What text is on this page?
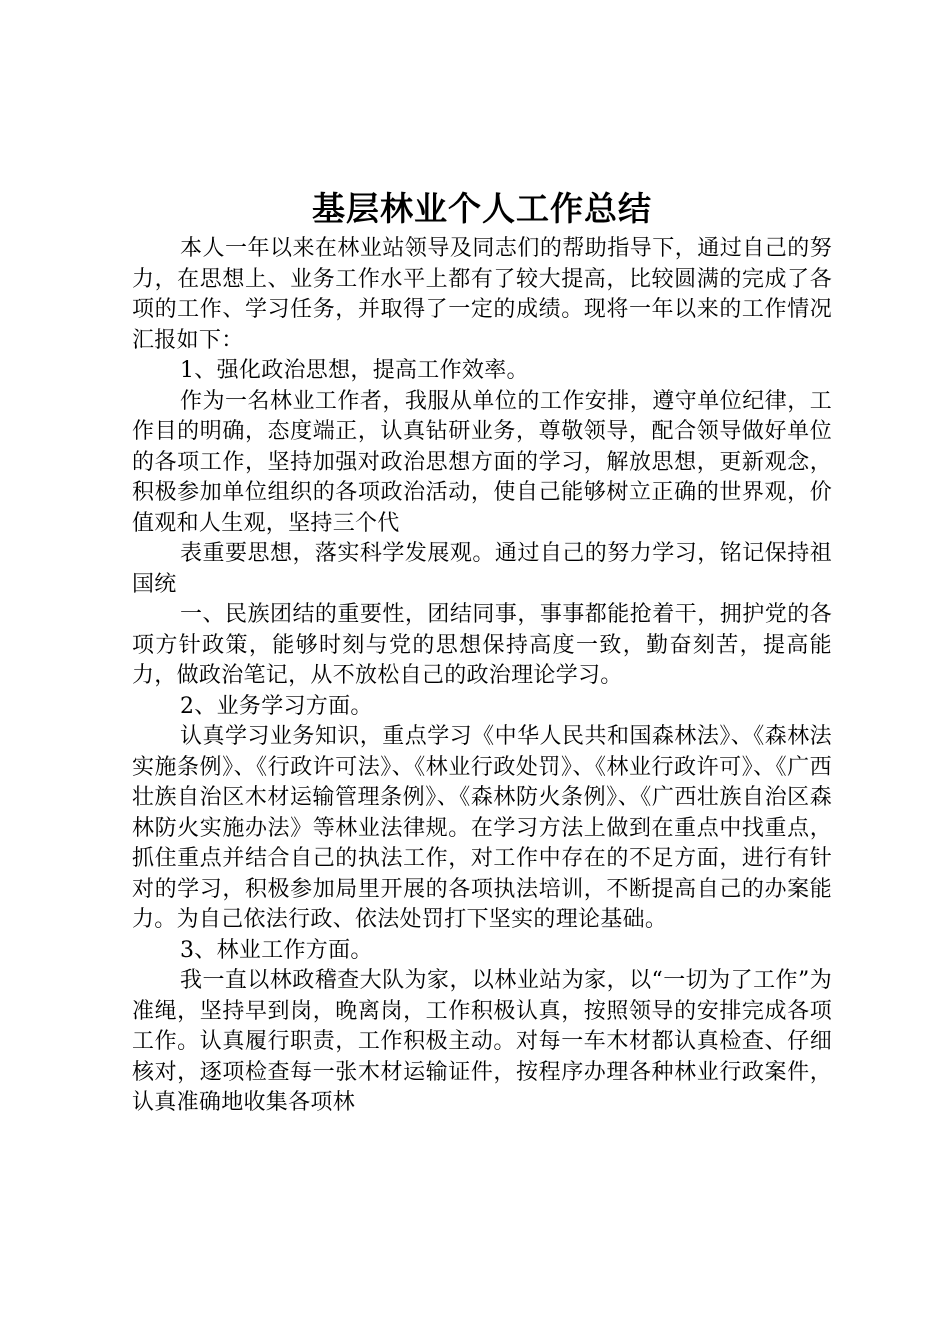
基层林业个人工作总结

本人一年以来在林业站领导及同志们的帮助指导下，通过自己的努力，在思想上、业务工作水平上都有了较大提高，比较圆满的完成了各项的工作、学习任务，并取得了一定的成绩。现将一年以来的工作情况汇报如下：

1、强化政治思想，提高工作效率。

作为一名林业工作者，我服从单位的工作安排，遵守单位纪律，工作目的明确，态度端正，认真钻研业务，尊敬领导，配合领导做好单位的各项工作，坚持加强对政治思想方面的学习，解放思想，更新观念，积极参加单位组织的各项政治活动，使自己能够树立正确的世界观，价值观和人生观，坚持三个代

表重要思想，落实科学发展观。通过自己的努力学习，铭记保持祖国统

一、民族团结的重要性，团结同事，事事都能抢着干，拥护党的各项方针政策，能够时刻与党的思想保持高度一致，勤奋刻苦，提高能力，做政治笔记，从不放松自己的政治理论学习。

2、业务学习方面。

认真学习业务知识，重点学习《中华人民共和国森林法》、《森林法实施条例》、《行政许可法》、《林业行政处罚》、《林业行政许可》、《广西壮族自治区木材运输管理条例》、《森林防火条例》、《广西壮族自治区森林防火实施办法》等林业法律规。在学习方法上做到在重点中找重点，抓住重点并结合自己的执法工作，对工作中存在的不足方面，进行有针对的学习，积极参加局里开展的各项执法培训，不断提高自己的办案能力。为自己依法行政、依法处罚打下坚实的理论基础。

3、林业工作方面。

我一直以林政稽查大队为家，以林业站为家，以“一切为了工作”为准绳，坚持早到岗，晚离岗，工作积极认真，按照领导的安排完成各项工作。认真履行职责，工作积极主动。对每一车木材都认真检查、仔细核对，逐项检查每一张木材运输证件，按程序办理各种林业行政案件，认真准确地收集各项林
